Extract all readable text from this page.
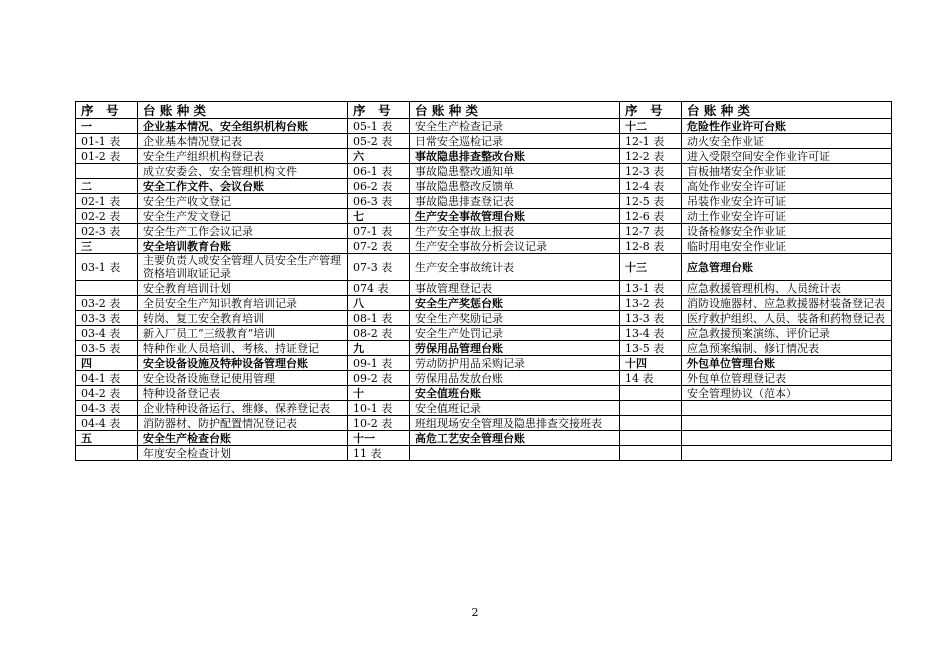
序　号	台 账 种 类	序　号	台 账 种 类	序　号	台 账 种 类
一	企业基本情况、安全组织机构台账	05-1 表	安全生产检查记录	十二	危险性作业许可台账
01-1 表	企业基本情况登记表	05-2 表	日常安全巡检记录	12-1 表	动火安全作业证
01-2 表	安全生产组织机构登记表	六	事故隐患排查整改台账	12-2 表	进入受限空间安全作业许可证
	成立安委会、安全管理机构文件	06-1 表	事故隐患整改通知单	12-3 表	盲板抽堵安全作业证
二	安全工作文件、会议台账	06-2 表	事故隐患整改反馈单	12-4 表	高处作业安全许可证
02-1 表	安全生产收文登记	06-3 表	事故隐患排查登记表	12-5 表	吊装作业安全许可证
02-2 表	安全生产发文登记	七	生产安全事故管理台账	12-6 表	动土作业安全许可证
02-3 表	安全生产工作会议记录	07-1 表	生产安全事故上报表	12-7 表	设备检修安全作业证
三	安全培训教育台账	07-2 表	生产安全事故分析会议记录	12-8 表	临时用电安全作业证
03-1 表	主要负责人或安全管理人员安全生产管理资格培训取证记录	07-3 表	生产安全事故统计表	十三	应急管理台账
	安全教育培训计划	074 表	事故管理登记表	13-1 表	应急救援管理机构、人员统计表
03-2 表	全员安全生产知识教育培训记录	八	安全生产奖惩台账	13-2 表	消防设施器材、应急救援器材装备登记表
03-3 表	转岗、复工安全教育培训	08-1 表	安全生产奖励记录	13-3 表	医疗救护组织、人员、装备和药物登记表
03-4 表	新入厂员工“三级教育”培训	08-2 表	安全生产处罚记录	13-4 表	应急救援预案演练、评价记录
03-5 表	特种作业人员培训、考核、持证登记	九	劳保用品管理台账	13-5 表	应急预案编制、修订情况表
四	安全设备设施及特种设备管理台账	09-1 表	劳动防护用品采购记录	十四	外包单位管理台账
04-1 表	安全设备设施登记使用管理	09-2 表	劳保用品发放台账	14 表	外包单位管理登记表
04-2 表	特种设备登记表	十	安全值班台账		安全管理协议（范本）
04-3 表	企业特种设备运行、维修、保养登记表	10-1 表	安全值班记录		
04-4 表	消防器材、防护配置情况登记表	10-2 表	班组现场安全管理及隐患排查交接班表		
五	安全生产检查台账	十一	高危工艺安全管理台账		
	年度安全检查计划	11 表			
2
